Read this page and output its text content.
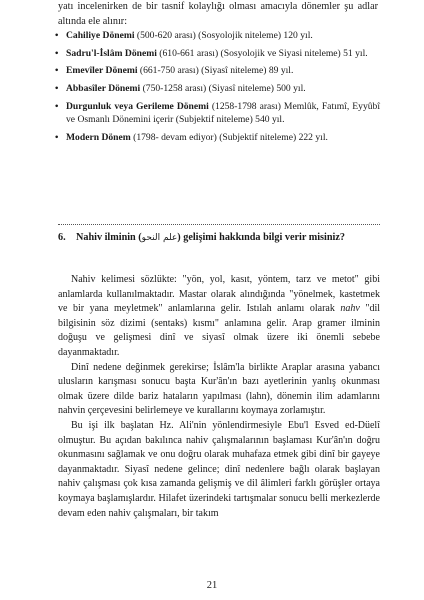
yatı incelenirken de bir tasnif kolaylığı olması amacıyla dönemler şu adlar altında ele alınır:
• Cahiliye Dönemi (500-620 arası) (Sosyolojik niteleme) 120 yıl.
• Sadru'l-İslâm Dönemi (610-661 arası) (Sosyolojik ve Siyasi niteleme) 51 yıl.
• Emevîler Dönemi (661-750 arası) (Siyasî niteleme) 89 yıl.
• Abbasîler Dönemi (750-1258 arası) (Siyasî niteleme) 500 yıl.
• Durgunluk veya Gerileme Dönemi (1258-1798 arası) Memlûk, Fatımî, Eyyûbî ve Osmanlı Dönemini içerir (Subjektif niteleme) 540 yıl.
• Modern Dönem (1798- devam ediyor) (Subjektif niteleme) 222 yıl.
6. Nahiv ilminin (علم النحو) gelişimi hakkında bilgi verir misiniz?

Nahiv kelimesi sözlükte: "yön, yol, kasıt, yöntem, tarz ve metot" gibi anlamlarda kullanılmaktadır. Mastar olarak alındığında "yönelmek, kastetmek ve bir yana meyletmek" anlamlarına gelir. Istılah anlamı olarak nahv "dil bilgisinin söz dizimi (sentaks) kısmı" anlamına gelir. Arap gramer ilminin doğuşu ve gelişmesi dinî ve siyasî olmak üzere iki önemli sebebe dayanmaktadır.

Dinî nedene değinmek gerekirse; İslâm'la birlikte Araplar arasına yabancı ulusların karışması sonucu başta Kur'ân'ın bazı ayetlerinin yanlış okunması olmak üzere dilde bariz hataların yapılması (lahn), dönemin ilim adamlarını nahvin çerçevesini belirlemeye ve kurallarını koymaya zorlamıştır.

Bu işi ilk başlatan Hz. Ali'nin yönlendirmesiyle Ebu'l Esved ed-Düelî olmuştur. Bu açıdan bakılınca nahiv çalışmalarının başlaması Kur'ân'ın doğru okunmasını sağlamak ve onu doğru olarak muhafaza etmek gibi dinî bir gayeye dayanmaktadır. Siyasî nedene gelince; dinî nedenlere bağlı olarak başlayan nahiv çalışması çok kısa zamanda gelişmiş ve dil âlimleri farklı görüşler ortaya koymaya başlamışlardır. Hilafet üzerindeki tartışmalar sonucu belli merkezlerde devam eden nahiv çalışmaları, bir takım

21
